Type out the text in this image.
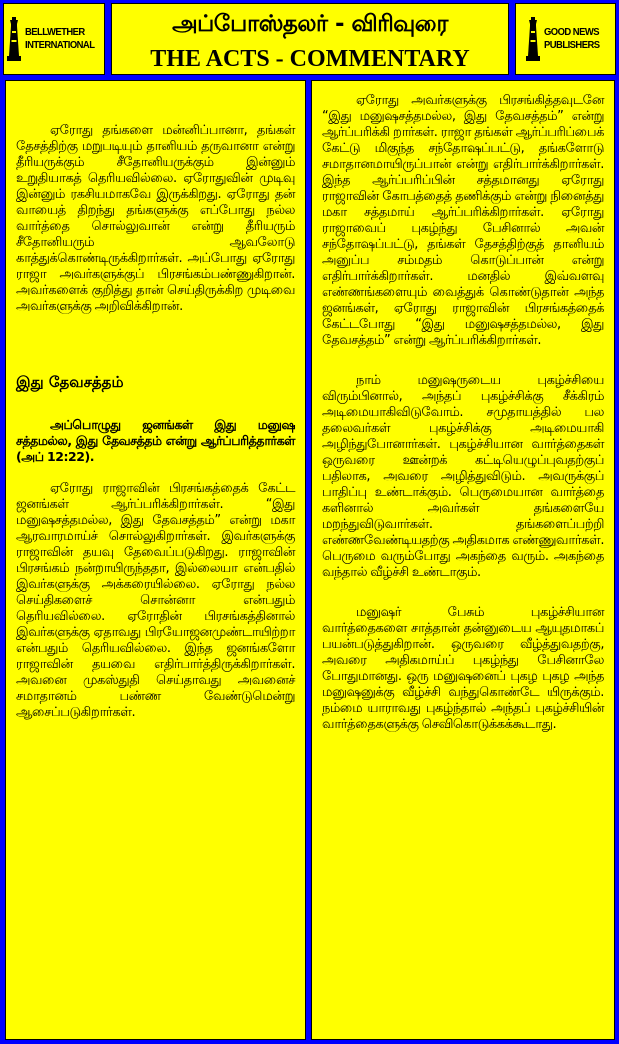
BELLWETHER
INTERNATIONAL
அப்போஸ்தலர் - விரிவுரை
THE ACTS - COMMENTARY
GOOD NEWS
PUBLISHERS

ஏரோது தங்களை மன்னிப்பானா, தங்கள் தேசத்திற்கு மறுபடியும் தானியம் தருவானா என்று தீரியருக்கும் சீதோனியருக்கும் இன்னும் உறுதியாகத் தெரியவில்லை. ஏரோதுவின் முடிவு இன்னும் ரகசியமாகவே இருக்கிறது. ஏரோது தன் வாயைத் திறந்து தங்களுக்கு எப்போது நல்ல வார்த்தை சொல்லுவான் என்று தீரியரும் சீதோனியரும் ஆவலோடு காத்துக்கொண்டிருக்கிறார்கள். அப்போது ஏரோது ராஜா அவர்களுக்குப் பிரசங்கம்பண்ணுகிறான். அவர்களைக் குறித்து தான் செய்திருக்கிற முடிவை அவர்களுக்கு அறிவிக்கிறான்.

இது தேவசத்தம்

அப்பொழுது ஜனங்கள் இது மனுஷ சத்தமல்ல, இது தேவசத்தம் என்று ஆர்ப்பரித்தார்கள் (அப் 12:22).

ஏரோது ராஜாவின் பிரசங்கத்தைக் கேட்ட ஜனங்கள் ஆர்ப்பரிக்கிறார்கள். “இது மனுஷசத்தமல்ல, இது தேவசத்தம்” என்று மகா ஆரவாரமாய்ச் சொல்லுகிறார்கள். இவர்களுக்கு ராஜாவின் தயவு தேவைப்படுகிறது. ராஜாவின் பிரசங்கம் நன்றாயிருந்ததா, இல்லையா என்பதில் இவர்களுக்கு அக்கரையில்லை. ஏரோது நல்ல செய்திகளைச் சொன்னா என்பதும் தெரியவில்லை. ஏரோதின் பிரசங்கத்தினால் இவர்களுக்கு ஏதாவது பிரயோஜனமுண்டாயிற்றா என்பதும் தெரியவில்லை. இந்த ஜனங்களோ ராஜாவின் தயவை எதிர்பார்த்திருக்கிறார்கள். அவனை முகஸ்துதி செய்தாவது அவனைச் சமாதானம் பண்ண வேண்டுமென்று ஆசைப்படுகிறார்கள்.

ஏரோது அவர்களுக்கு பிரசங்கித்தவுடனே “இது மனுஷசத்தமல்ல, இது தேவசத்தம்” என்று ஆர்ப்பரிக்கி றார்கள். ராஜா தங்கள் ஆர்ப்பரிப்பைக் கேட்டு மிகுந்த சந்தோஷப்பட்டு, தங்களோடு சமாதானமாயிருப்பான் என்று எதிர்பார்க்கிறார்கள். இந்த ஆர்ப்பரிப்பின் சத்தமானது ஏரோது ராஜாவின் கோபத்தைத் தணிக்கும் என்று நினைத்து மகா சத்தமாய் ஆர்ப்பரிக்கிறார்கள். ஏரோது ராஜாவைப் புகழ்ந்து பேசினால் அவன் சந்தோஷப்பட்டு, தங்கள் தேசத்திற்குத் தானியம் அனுப்ப சம்மதம் கொடுப்பான் என்று எதிர்பார்க்கிறார்கள். மனதில் இவ்வளவு எண்ணங்களையும் வைத்துக் கொண்டுதான் அந்த ஜனங்கள், ஏரோது ராஜாவின் பிரசங்கத்தைக் கேட்டபோது “இது மனுஷசத்தமல்ல, இது தேவசத்தம்” என்று ஆர்ப்பரிக்கிறார்கள்.

நாம் மனுஷருடைய புகழ்ச்சியை விரும்பினால், அந்தப் புகழ்ச்சிக்கு சீக்கிரம் அடிமையாகிவிடுவோம். சமுதாயத்தில் பல தலைவர்கள் புகழ்ச்சிக்கு அடிமையாகி அழிந்துபோனார்கள். புகழ்ச்சியான வார்த்தைகள் ஒருவரை ஊன்றக் கட்டியெழுப்புவதற்குப் பதிலாக, அவரை அழித்துவிடும். அவருக்குப் பாதிப்பு உண்டாக்கும். பெருமையான வார்த்தை களினால் அவர்கள் தங்களையே மறந்துவிடுவார்கள். தங்களைப்பற்றி எண்ணவேண்டியதற்கு அதிகமாக எண்ணுவார்கள். பெருமை வரும்போது அகந்தை வரும். அகந்தை வந்தால் வீழ்ச்சி உண்டாகும்.

மனுஷர் பேசும் புகழ்ச்சியான வார்த்தைகளை சாத்தான் தன்னுடைய ஆயுதமாகப் பயன்படுத்துகிறான். ஒருவரை வீழ்த்துவதற்கு, அவரை அதிகமாய்ப் புகழ்ந்து பேசினாலே போதுமானது. ஒரு மனுஷனைப் புகழ புகழ அந்த மனுஷனுக்கு வீழ்ச்சி வந்துகொண்டே யிருக்கும். நம்மை யாராவது புகழ்ந்தால் அந்தப் புகழ்ச்சியின் வார்த்தைகளுக்கு செவிகொடுக்கக்கூடாது.
